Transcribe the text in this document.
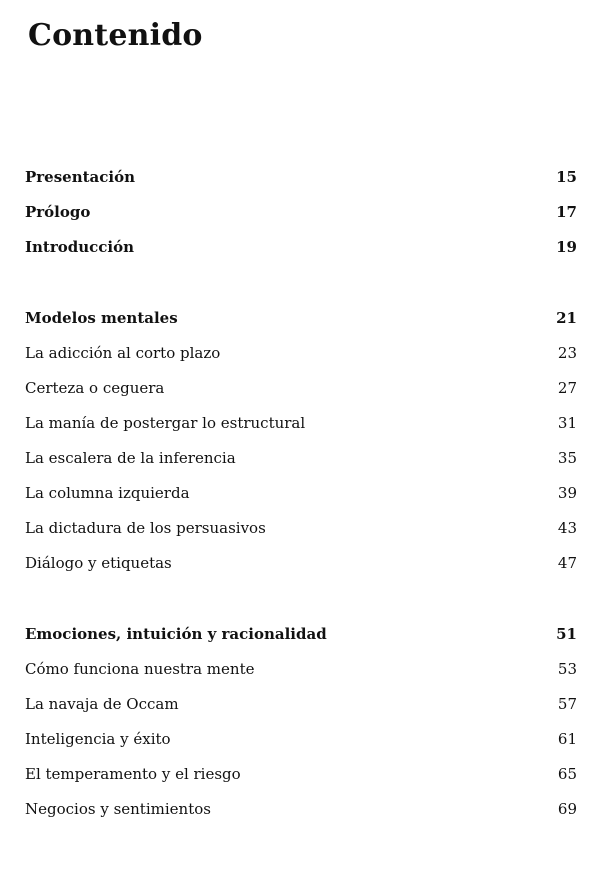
Contenido
Presentación	15
Prólogo	17
Introducción	19
Modelos mentales	21
La adicción al corto plazo	23
Certeza o ceguera	27
La manía de postergar lo estructural	31
La escalera de la inferencia	35
La columna izquierda	39
La dictadura de los persuasivos	43
Diálogo y etiquetas	47
Emociones, intuición y racionalidad	51
Cómo funciona nuestra mente	53
La navaja de Occam	57
Inteligencia y éxito	61
El temperamento y el riesgo	65
Negocios y sentimientos	69
